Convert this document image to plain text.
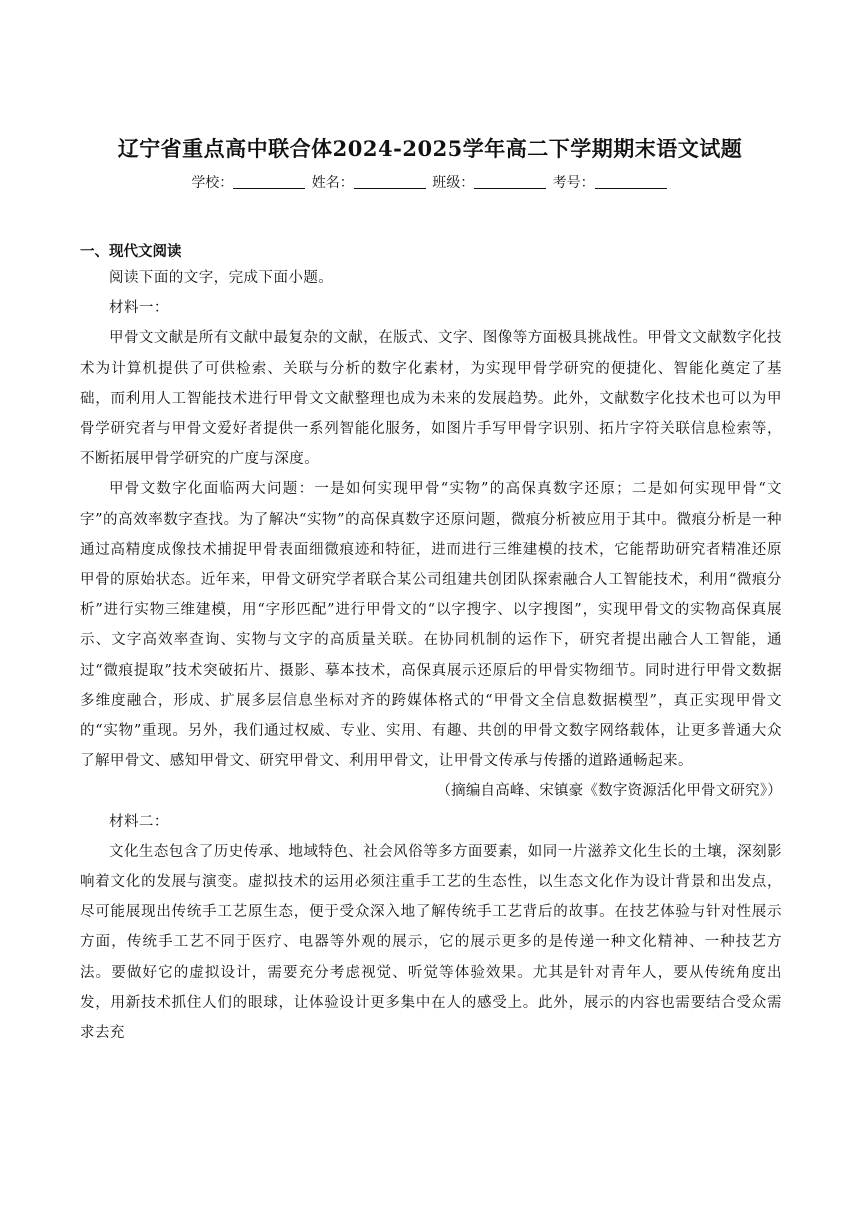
辽宁省重点高中联合体2024-2025学年高二下学期期末语文试题
学校：	姓名：	班级：	考号：
一、现代文阅读

阅读下面的文字，完成下面小题。

材料一：

甲骨文文献是所有文献中最复杂的文献，在版式、文字、图像等方面极具挑战性。甲骨文文献数字化技术为计算机提供了可供检索、关联与分析的数字化素材，为实现甲骨学研究的便捷化、智能化奠定了基础，而利用人工智能技术进行甲骨文文献整理也成为未来的发展趋势。此外，文献数字化技术也可以为甲骨学研究者与甲骨文爱好者提供一系列智能化服务，如图片手写甲骨字识别、拓片字符关联信息检索等，不断拓展甲骨学研究的广度与深度。

甲骨文数字化面临两大问题：一是如何实现甲骨“实物”的高保真数字还原；二是如何实现甲骨“文字”的高效率数字查找。为了解决“实物”的高保真数字还原问题，微痕分析被应用于其中。微痕分析是一种通过高精度成像技术捕捉甲骨表面细微痕迹和特征，进而进行三维建模的技术，它能帮助研究者精准还原甲骨的原始状态。近年来，甲骨文研究学者联合某公司组建共创团队探索融合人工智能技术，利用“微痕分析”进行实物三维建模，用“字形匹配”进行甲骨文的“以字搜字、以字搜图”，实现甲骨文的实物高保真展示、文字高效率查询、实物与文字的高质量关联。在协同机制的运作下，研究者提出融合人工智能，通过“微痕提取”技术突破拓片、摄影、摹本技术，高保真展示还原后的甲骨实物细节。同时进行甲骨文数据多维度融合，形成、扩展多层信息坐标对齐的跨媒体格式的“甲骨文全信息数据模型”，真正实现甲骨文的“实物”重现。另外，我们通过权威、专业、实用、有趣、共创的甲骨文数字网络载体，让更多普通大众了解甲骨文、感知甲骨文、研究甲骨文、利用甲骨文，让甲骨文传承与传播的道路通畅起来。

（摘编自高峰、宋镇豪《数字资源活化甲骨文研究》）

材料二：

文化生态包含了历史传承、地域特色、社会风俗等多方面要素，如同一片滋养文化生长的土壤，深刻影响着文化的发展与演变。虚拟技术的运用必须注重手工艺的生态性，以生态文化作为设计背景和出发点，尽可能展现出传统手工艺原生态，便于受众深入地了解传统手工艺背后的故事。在技艺体验与针对性展示方面，传统手工艺不同于医疗、电器等外观的展示，它的展示更多的是传递一种文化精神、一种技艺方法。要做好它的虚拟设计，需要充分考虑视觉、听觉等体验效果。尤其是针对青年人，要从传统角度出发，用新技术抓住人们的眼球，让体验设计更多集中在人的感受上。此外，展示的内容也需要结合受众需求去充
